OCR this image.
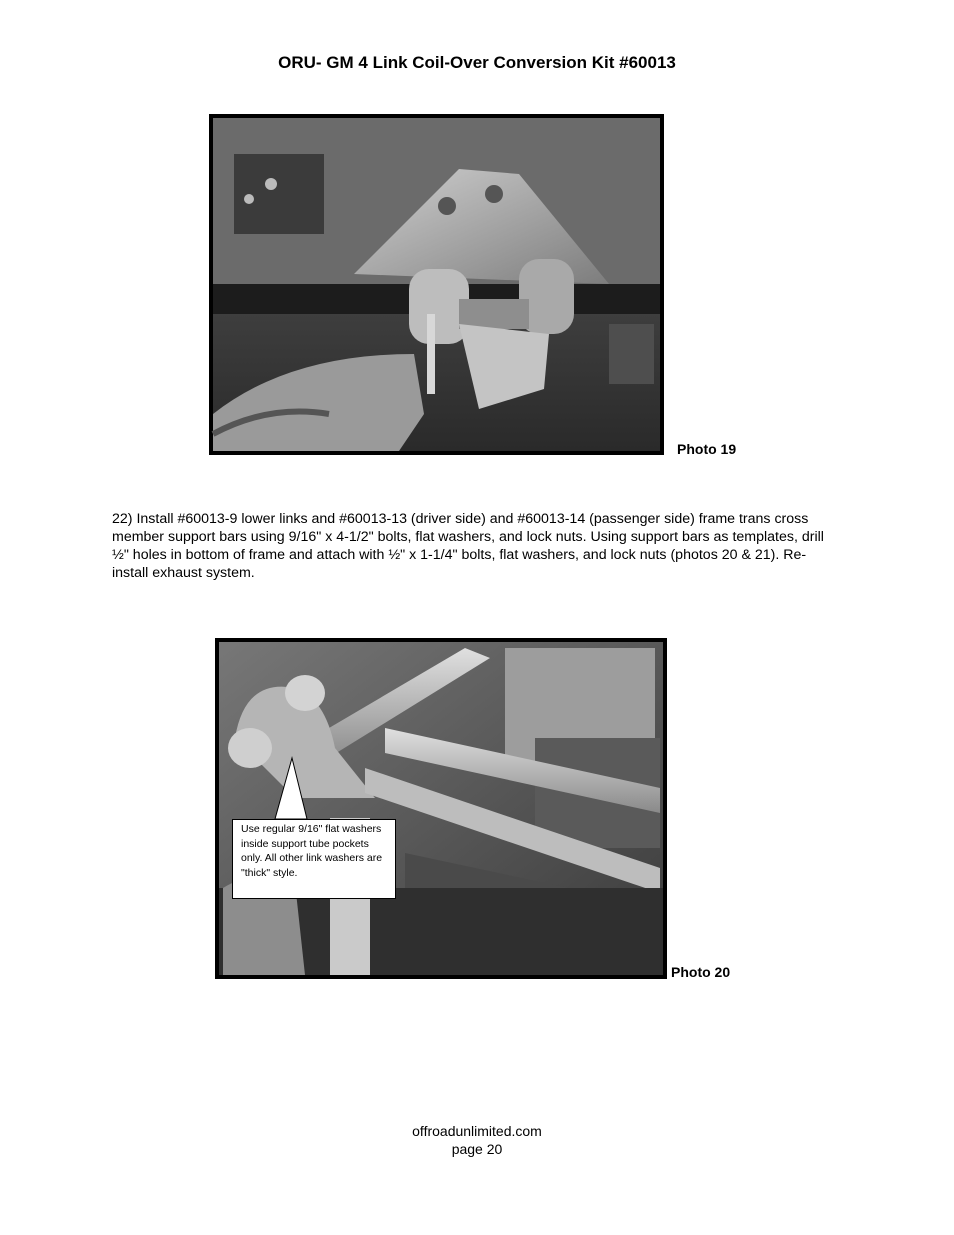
ORU- GM 4 Link Coil-Over Conversion Kit #60013
Photo 19
22) Install #60013-9 lower links and #60013-13 (driver side) and #60013-14 (passenger side) frame trans cross member support bars using 9/16" x 4-1/2" bolts, flat washers, and lock nuts. Using support bars as templates, drill ½" holes in bottom of frame and attach with ½" x 1-1/4" bolts, flat washers, and lock nuts (photos 20 & 21). Re-install exhaust system.
Use regular 9/16" flat washers inside support tube pockets only. All other link washers are "thick" style.
Photo 20
offroadunlimited.com
page 20
